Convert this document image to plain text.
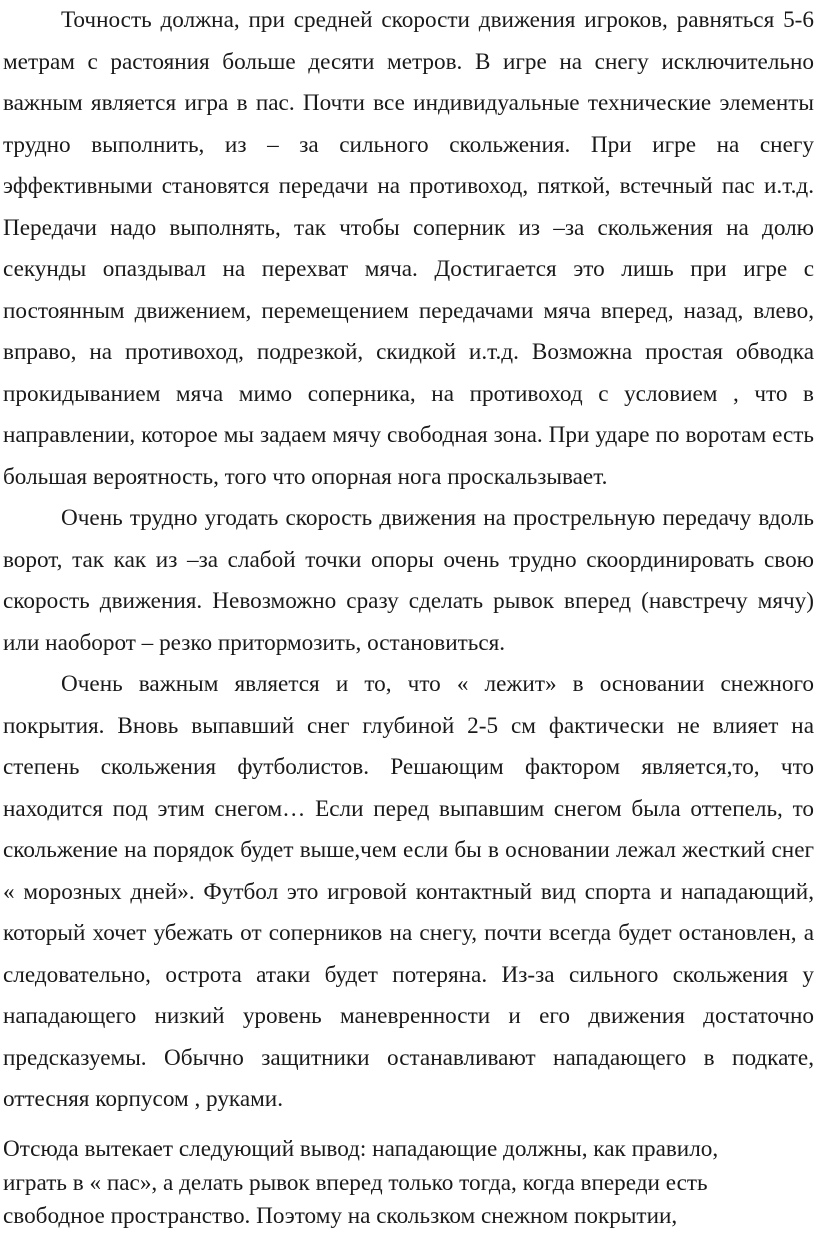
Точность должна, при средней скорости движения игроков, равняться 5-6 метрам с растояния больше десяти метров. В игре на снегу исключительно важным является игра в пас. Почти все индивидуальные технические элементы трудно выполнить, из – за сильного скольжения. При игре на снегу эффективными становятся передачи на противоход, пяткой, встечный пас и.т.д. Передачи надо выполнять, так чтобы соперник из –за скольжения на долю секунды опаздывал на перехват мяча. Достигается это лишь при игре с постоянным движением, перемещением передачами мяча вперед, назад, влево, вправо, на противоход, подрезкой, скидкой и.т.д. Возможна простая обводка прокидыванием мяча мимо соперника, на противоход с условием , что в направлении, которое мы задаем мячу свободная зона. При ударе по воротам есть большая вероятность, того что опорная нога проскальзывает.

Очень трудно угодать скорость движения на прострельную передачу вдоль ворот, так как из –за слабой точки опоры очень трудно скоординировать свою скорость движения. Невозможно сразу сделать рывок вперед (навстречу мячу) или наоборот – резко притормозить, остановиться.

Очень важным является и то, что « лежит» в основании снежного покрытия. Вновь выпавший снег глубиной 2-5 см фактически не влияет на степень скольжения футболистов. Решающим фактором является,то, что находится под этим снегом… Если перед выпавшим снегом была оттепель, то скольжение на порядок будет выше,чем если бы в основании лежал жесткий снег « морозных дней». Футбол это игровой контактный вид спорта и нападающий, который хочет убежать от соперников на снегу, почти всегда будет остановлен, а следовательно, острота атаки будет потеряна. Из-за сильного скольжения у нападающего низкий уровень маневренности и его движения достаточно предсказуемы. Обычно защитники останавливают нападающего в подкате, оттесняя корпусом , руками.

Отсюда вытекает следующий вывод: нападающие должны, как правило, играть в « пас», а делать рывок вперед только тогда, когда впереди есть свободное пространство. Поэтому на скользком снежном покрытии,
